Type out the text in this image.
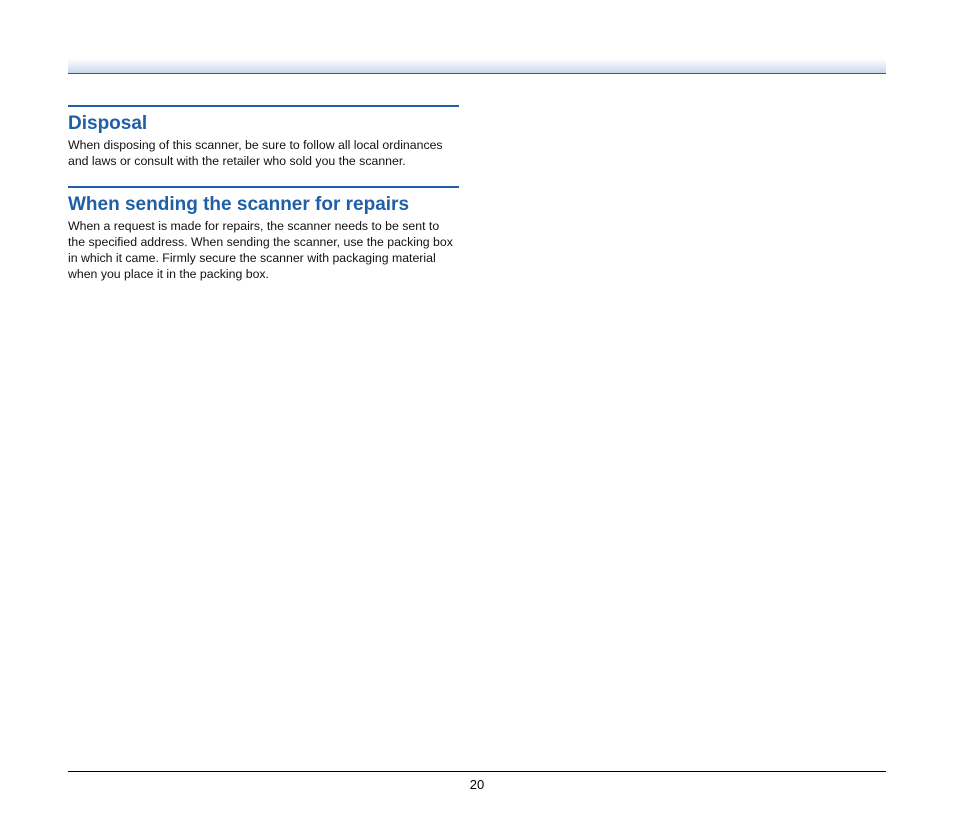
Disposal

When disposing of this scanner, be sure to follow all local ordinances and laws or consult with the retailer who sold you the scanner.

When sending the scanner for repairs

When a request is made for repairs, the scanner needs to be sent to the specified address. When sending the scanner, use the packing box in which it came. Firmly secure the scanner with packaging material when you place it in the packing box.

20
